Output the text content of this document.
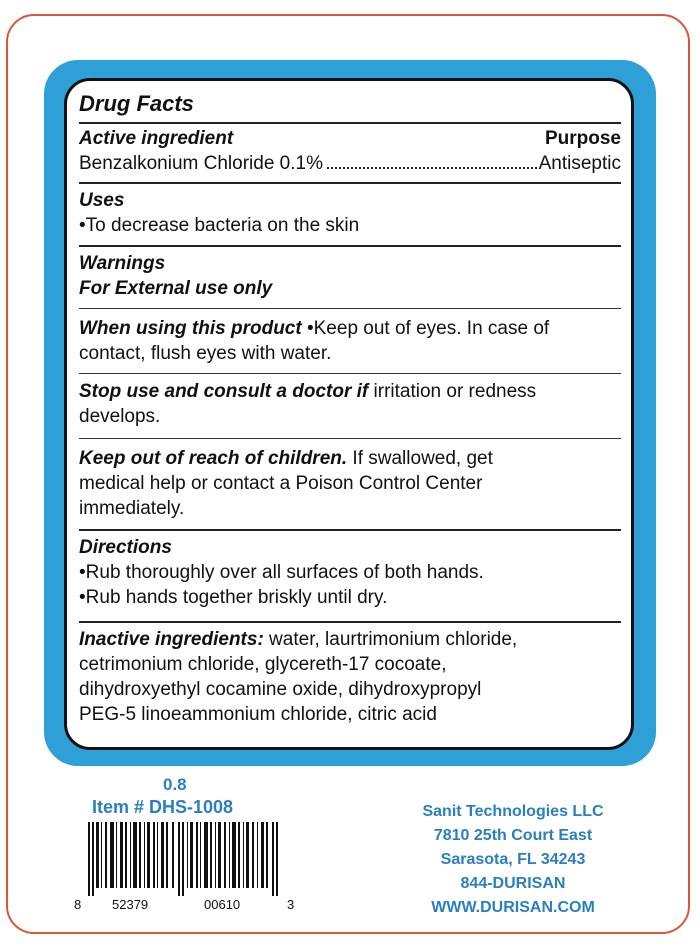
Drug Facts
Active ingredient	Purpose
Benzalkonium Chloride 0.1%	Antiseptic
Uses
•To decrease bacteria on the skin
Warnings
For External use only
When using this product •Keep out of eyes. In case of
contact, flush eyes with water.
Stop use and consult a doctor if irritation or redness
develops.
Keep out of reach of children. If swallowed, get
medical help or contact a Poison Control Center
immediately.
Directions
•Rub thoroughly over all surfaces of both hands.
•Rub hands together briskly until dry.
Inactive ingredients: water, laurtrimonium chloride,
cetrimonium chloride, glycereth-17 cocoate,
dihydroxyethyl cocamine oxide, dihydroxypropyl
PEG-5 linoeammonium chloride, citric acid
0.8
Item # DHS-1008
8 52379	00610	3
Sanit Technologies LLC
7810 25th Court East
Sarasota, FL 34243
844-DURISAN
WWW.DURISAN.COM
